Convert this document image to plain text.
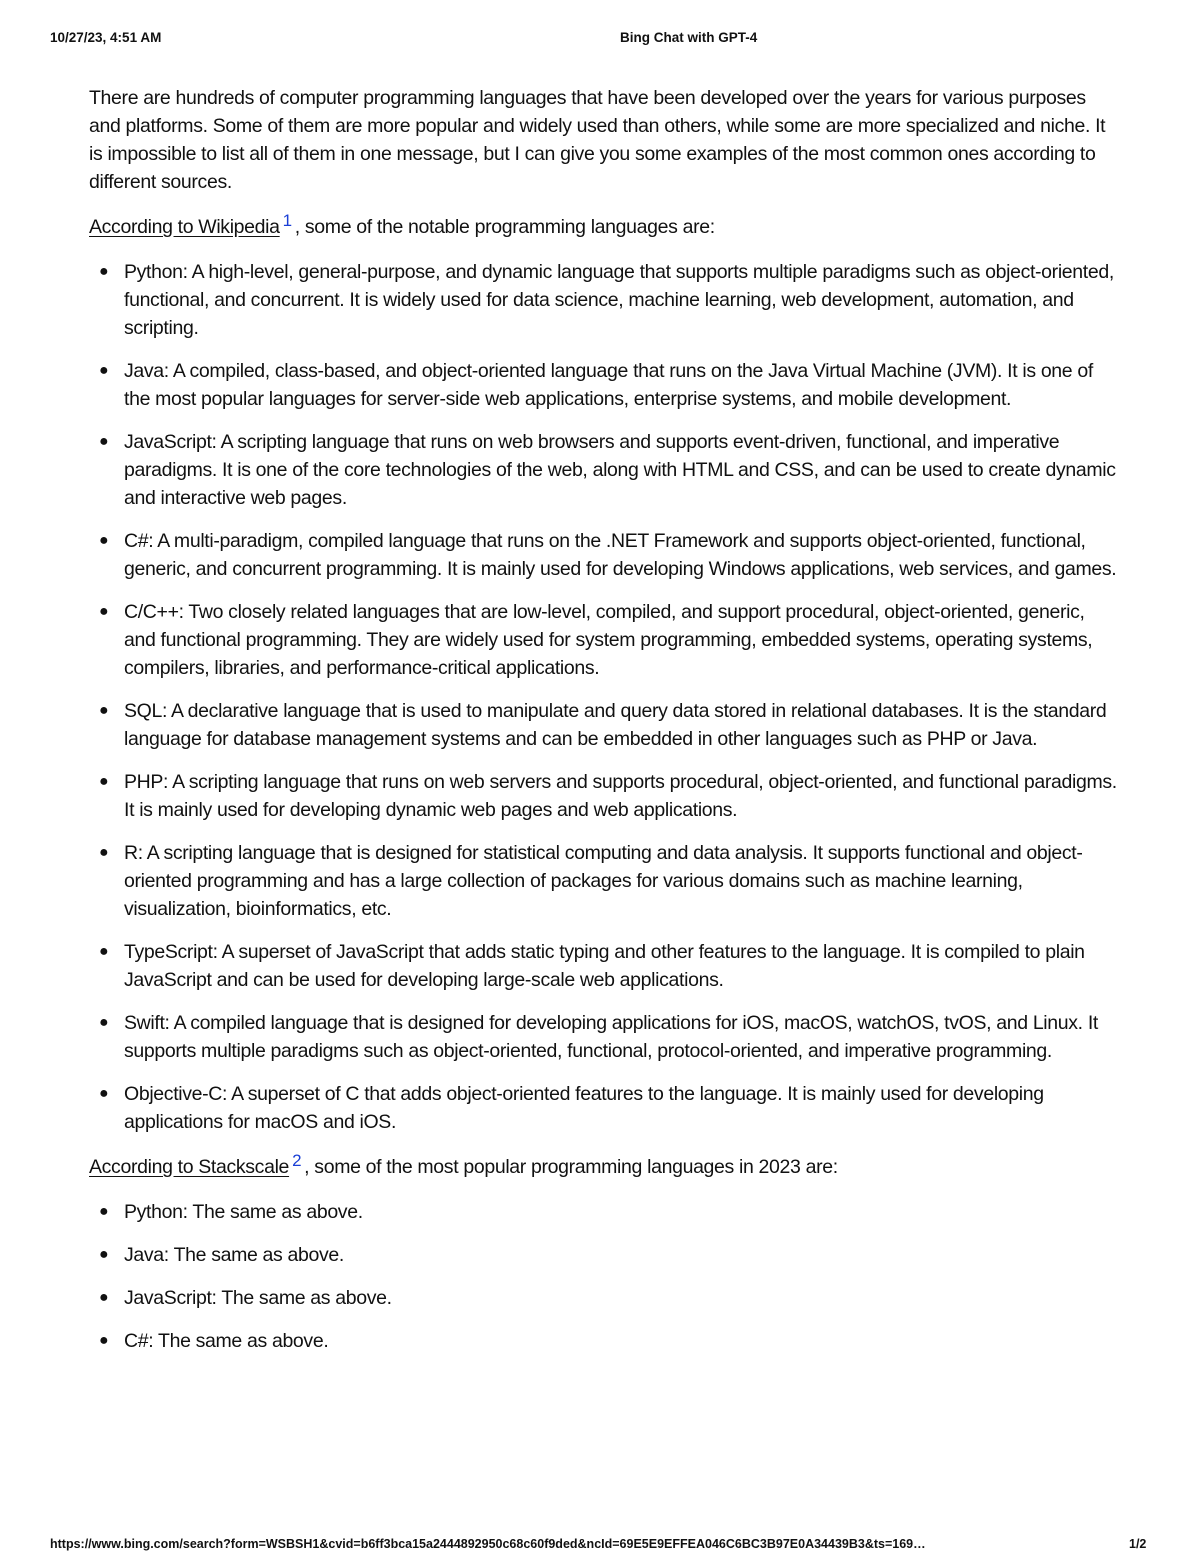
10/27/23, 4:51 AM	Bing Chat with GPT-4

There are hundreds of computer programming languages that have been developed over the years for various purposes and platforms. Some of them are more popular and widely used than others, while some are more specialized and niche. It is impossible to list all of them in one message, but I can give you some examples of the most common ones according to different sources.

According to Wikipedia 1 , some of the notable programming languages are:
● Python: A high-level, general-purpose, and dynamic language that supports multiple paradigms such as object-oriented, functional, and concurrent. It is widely used for data science, machine learning, web development, automation, and scripting.
● Java: A compiled, class-based, and object-oriented language that runs on the Java Virtual Machine (JVM). It is one of the most popular languages for server-side web applications, enterprise systems, and mobile development.
● JavaScript: A scripting language that runs on web browsers and supports event-driven, functional, and imperative paradigms. It is one of the core technologies of the web, along with HTML and CSS, and can be used to create dynamic and interactive web pages.
● C#: A multi-paradigm, compiled language that runs on the .NET Framework and supports object-oriented, functional, generic, and concurrent programming. It is mainly used for developing Windows applications, web services, and games.
● C/C++: Two closely related languages that are low-level, compiled, and support procedural, object-oriented, generic, and functional programming. They are widely used for system programming, embedded systems, operating systems, compilers, libraries, and performance-critical applications.
● SQL: A declarative language that is used to manipulate and query data stored in relational databases. It is the standard language for database management systems and can be embedded in other languages such as PHP or Java.
● PHP: A scripting language that runs on web servers and supports procedural, object-oriented, and functional paradigms. It is mainly used for developing dynamic web pages and web applications.
● R: A scripting language that is designed for statistical computing and data analysis. It supports functional and object-oriented programming and has a large collection of packages for various domains such as machine learning, visualization, bioinformatics, etc.
● TypeScript: A superset of JavaScript that adds static typing and other features to the language. It is compiled to plain JavaScript and can be used for developing large-scale web applications.
● Swift: A compiled language that is designed for developing applications for iOS, macOS, watchOS, tvOS, and Linux. It supports multiple paradigms such as object-oriented, functional, protocol-oriented, and imperative programming.
● Objective-C: A superset of C that adds object-oriented features to the language. It is mainly used for developing applications for macOS and iOS.
According to Stackscale 2 , some of the most popular programming languages in 2023 are:
● Python: The same as above.
● Java: The same as above.
● JavaScript: The same as above.
● C#: The same as above.
https://www.bing.com/search?form=WSBSH1&cvid=b6ff3bca15a2444892950c68c60f9ded&ncId=69E5E9EFFEA046C6BC3B97E0A34439B3&ts=169…	1/2
